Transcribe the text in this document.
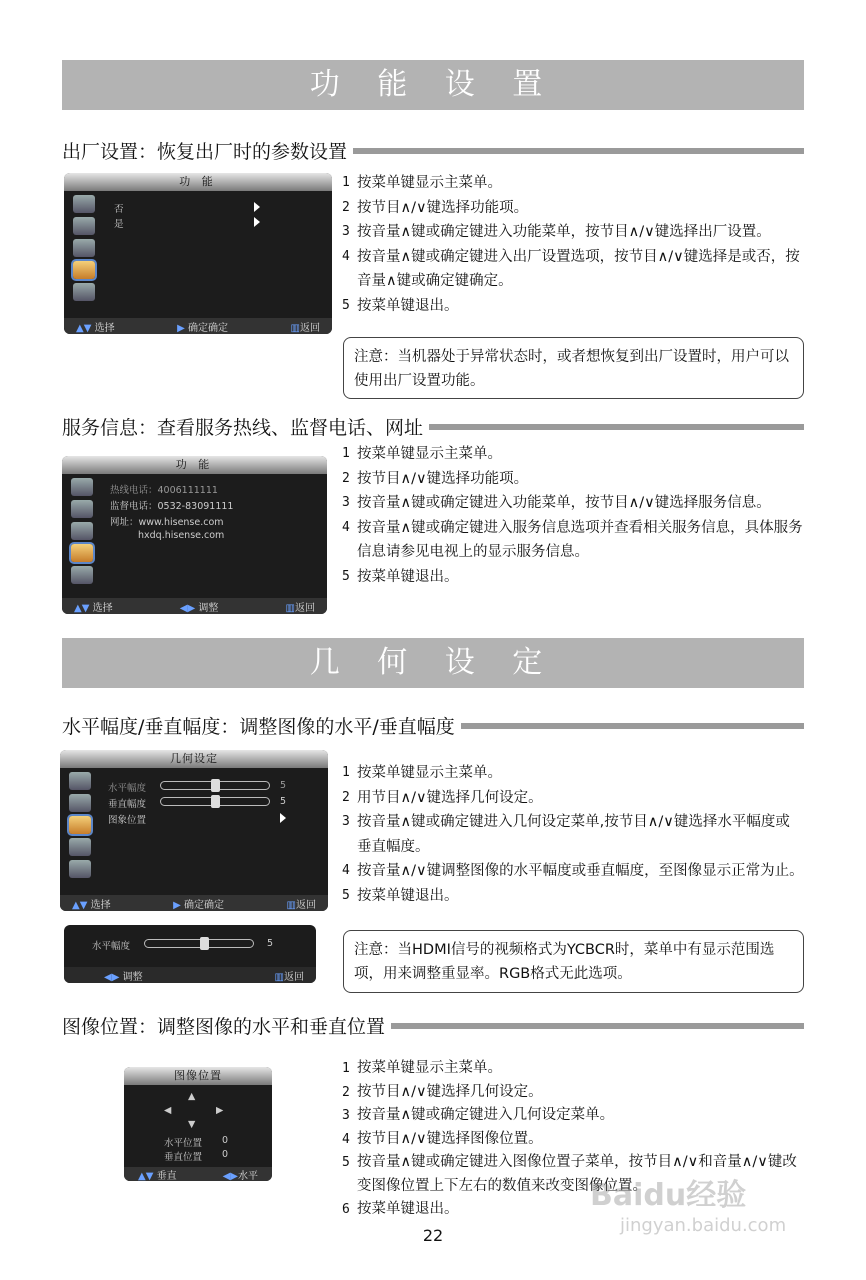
功 能 设 置
出厂设置：恢复出厂时的参数设置
功 能
否
是
▲▼ 选择	▶ 确定确定	▥返回
1 按菜单键显示主菜单。
2 按节目∧/∨键选择功能项。
3 按音量∧键或确定键进入功能菜单，按节目∧/∨键选择出厂设置。
4 按音量∧键或确定键进入出厂设置选项，按节目∧/∨键选择是或否，按音量∧键或确定键确定。
5 按菜单键退出。
注意：当机器处于异常状态时，或者想恢复到出厂设置时，用户可以使用出厂设置功能。
服务信息：查看服务热线、监督电话、网址
功 能
热线电话：4006111111
监督电话：0532-83091111
网址：www.hisense.com
hxdq.hisense.com
▲▼ 选择	◀▶ 调整	▥返回
1 按菜单键显示主菜单。
2 按节目∧/∨键选择功能项。
3 按音量∧键或确定键进入功能菜单，按节目∧/∨键选择服务信息。
4 按音量∧键或确定键进入服务信息选项并查看相关服务信息，具体服务信息请参见电视上的显示服务信息。
5 按菜单键退出。
几 何 设 定
水平幅度/垂直幅度：调整图像的水平/垂直幅度
几何设定
水平幅度	5
垂直幅度	5
图象位置
▲▼ 选择	▶ 确定确定	▥返回
水平幅度	5
◀▶ 调整	▥返回
1 按菜单键显示主菜单。
2 用节目∧/∨键选择几何设定。
3 按音量∧键或确定键进入几何设定菜单,按节目∧/∨键选择水平幅度或垂直幅度。
4 按音量∧/∨键调整图像的水平幅度或垂直幅度，至图像显示正常为止。
5 按菜单键退出。
注意：当HDMI信号的视频格式为YCBCR时，菜单中有显示范围选项，用来调整重显率。RGB格式无此选项。
图像位置：调整图像的水平和垂直位置
图像位置
▲
◀	▶
▼
水平位置 0
垂直位置 0
▲▼ 垂直	◀▶水平
1 按菜单键显示主菜单。
2 按节目∧/∨键选择几何设定。
3 按音量∧键或确定键进入几何设定菜单。
4 按节目∧/∨键选择图像位置。
5 按音量∧键或确定键进入图像位置子菜单，按节目∧/∨和音量∧/∨键改变图像位置上下左右的数值来改变图像位置。
6 按菜单键退出。	Baidu经验
jingyan.baidu.com
22
